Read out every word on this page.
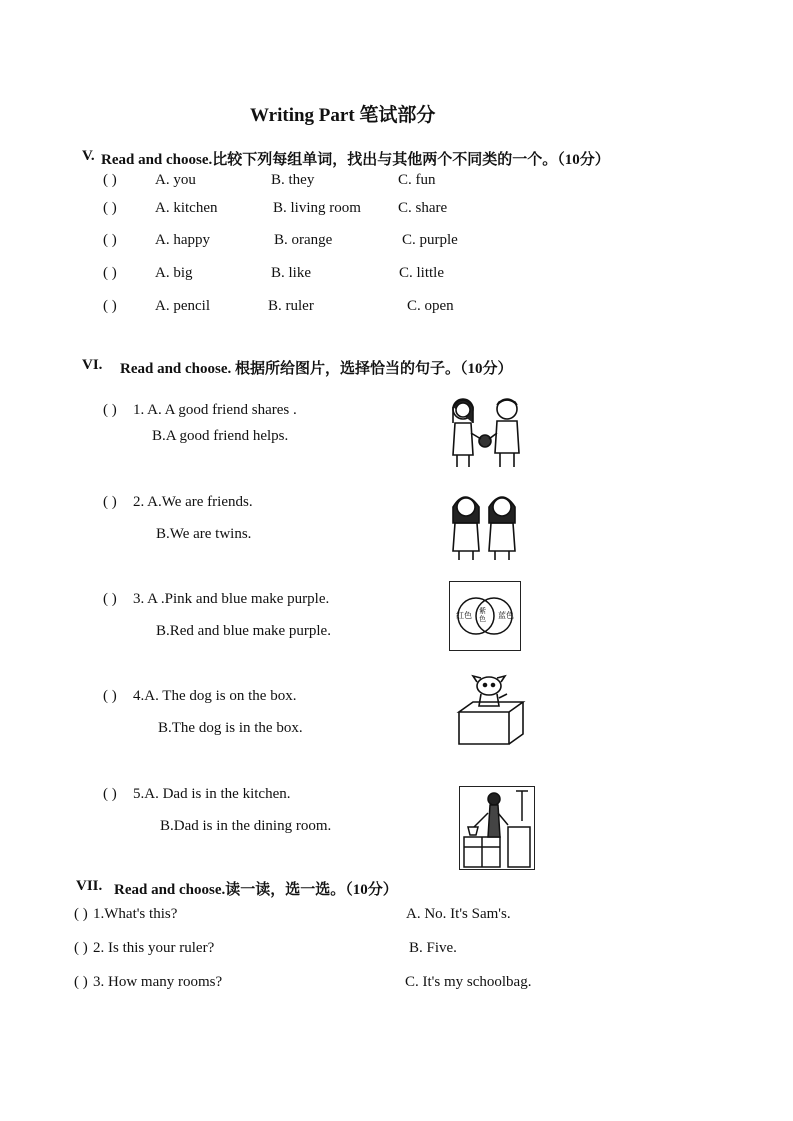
Writing Part 笔试部分
V. Read and choose.比较下列每组单词，找出与其他两个不同类的一个。（10分）
( )	A. you	B. they	C. fun
( )	A. kitchen	B. living room C. share
( )	A. happy	B. orange	C. purple
( )	A. big	B. like	C. little
( )	A. pencil	B. ruler	C. open
VI. Read and choose. 根据所给图片，选择恰当的句子。（10分）
( ) 1. A. A good friend shares .
B.A good friend helps.
( ) 2. A.We are friends.
B.We are twins.
( ) 3. A .Pink and blue make purple.
B.Red and blue make purple.
( ) 4.A. The dog is on the box.
B.The dog is in the box.
( ) 5.A. Dad is in the kitchen.
B.Dad is in the dining room.
红色 紫色	蓝色
VII. Read and choose.读一读，选一选。（10分）
( ) 1.What's this?	A. No. It's Sam's.
( ) 2. Is this your ruler?	B. Five.
( ) 3. How many rooms?	C. It's my schoolbag.
